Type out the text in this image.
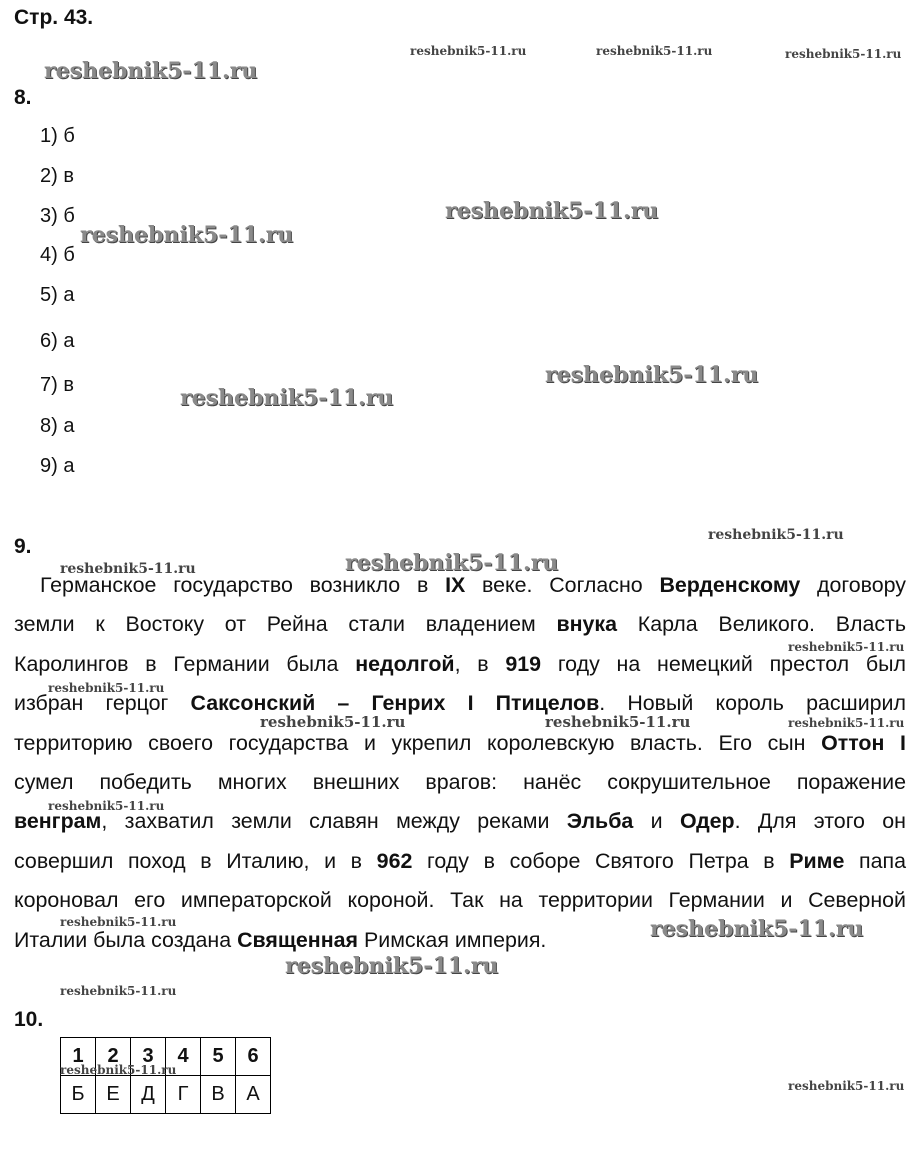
Стр. 43.
8.
1) б
2) в
3) б
4) б
5) а
6) а
7) в
8) а
9) а
9.
Германское государство возникло в IX веке. Согласно Верденскому договору
земли к Востоку от Рейна стали владением внука Карла Великого. Власть
Каролингов в Германии была недолгой, в 919 году на немецкий престол был
избран герцог Саксонский – Генрих I Птицелов. Новый король расширил
территорию своего государства и укрепил королевскую власть. Его сын Оттон I
сумел победить многих внешних врагов: нанёс сокрушительное поражение
венграм, захватил земли славян между реками Эльба и Одер. Для этого он
совершил поход в Италию, и в 962 году в соборе Святого Петра в Риме папа
короновал его императорской короной. Так на территории Германии и Северной
Италии была создана Священная Римская империя.
10.
1	2	3	4	5	6
Б	Е	Д	Г	В	А
reshebnik5-11.ru	reshebnik5-11.ru	reshebnik5-11.ru
reshebnik5-11.ru
reshebnik5-11.ru
reshebnik5-11.ru
reshebnik5-11.ru
reshebnik5-11.ru
reshebnik5-11.ru
reshebnik5-11.ru	reshebnik5-11.ru
reshebnik5-11.ru
reshebnik5-11.ru
reshebnik5-11.ru	reshebnik5-11.ru	reshebnik5-11.ru
reshebnik5-11.ru
reshebnik5-11.ru	reshebnik5-11.ru
reshebnik5-11.ru
reshebnik5-11.ru
reshebnik5-11.ru
reshebnik5-11.ru
